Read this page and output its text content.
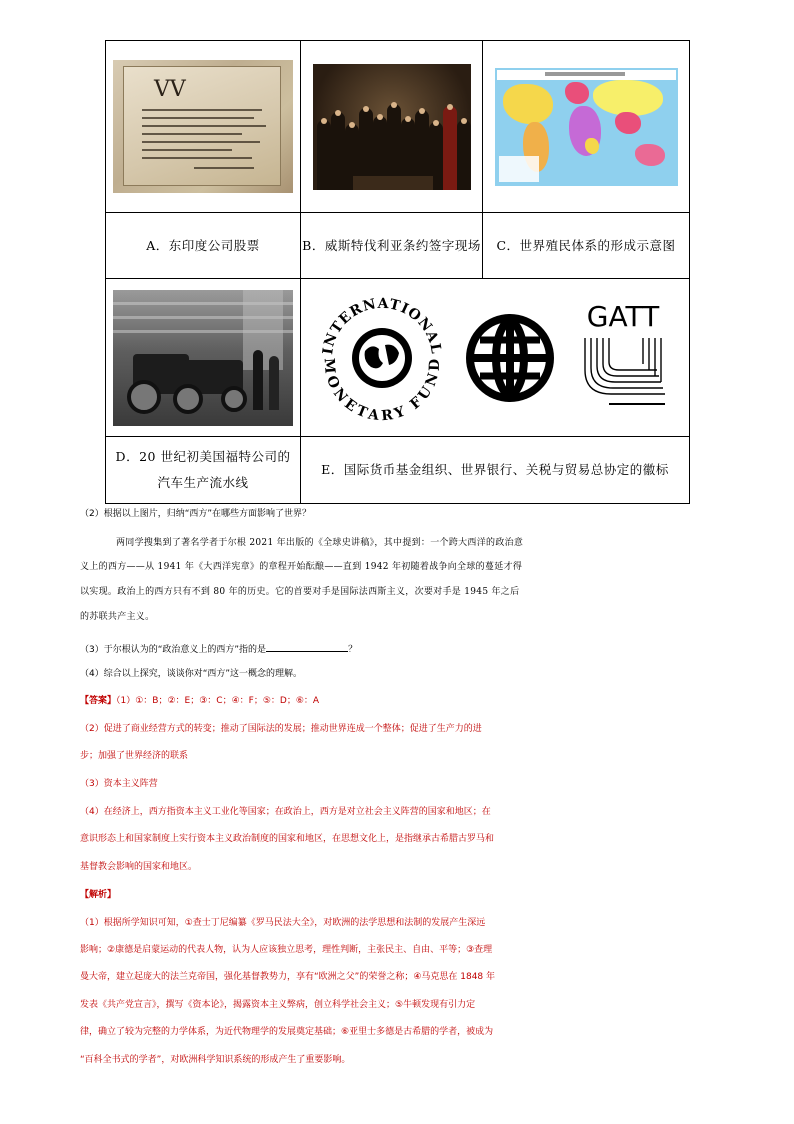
VV		

A．东印度公司股票	B．威斯特伐利亚条约签字现场	C．世界殖民体系的形成示意图

INTERNATIONAL
MONETARY FUND
GATT	

D．20 世纪初美国福特公司的汽车生产流水线	E．国际货币基金组织、世界银行、关税与贸易总协定的徽标	
（2）根据以上图片，归纳“西方”在哪些方面影响了世界？
两同学搜集到了著名学者于尔根 2021 年出版的《全球史讲稿》，其中提到：一个跨大西洋的政治意
义上的西方——从 1941 年《大西洋宪章》的章程开始酝酿——直到 1942 年初随着战争向全球的蔓延才得
以实现。政治上的西方只有不到 80 年的历史。它的首要对手是国际法西斯主义，次要对手是 1945 年之后
的苏联共产主义。
（3）于尔根认为的“政治意义上的西方”指的是	？
（4）综合以上探究，谈谈你对“西方”这一概念的理解。
【答案】（1）①：B；②：E；③：C；④：F；⑤：D；⑥：A
（2）促进了商业经营方式的转变；推动了国际法的发展；推动世界连成一个整体；促进了生产力的进
步；加强了世界经济的联系
（3）资本主义阵营
（4）在经济上，西方指资本主义工业化等国家；在政治上，西方是对立社会主义阵营的国家和地区；在
意识形态上和国家制度上实行资本主义政治制度的国家和地区，在思想文化上，是指继承古希腊古罗马和
基督教会影响的国家和地区。
【解析】
（1）根据所学知识可知，①查士丁尼编纂《罗马民法大全》，对欧洲的法学思想和法制的发展产生深远
影响；②康德是启蒙运动的代表人物，认为人应该独立思考，理性判断，主张民主、自由、平等；③查理
曼大帝，建立起庞大的法兰克帝国，强化基督教势力，享有“欧洲之父”的荣誉之称；④马克思在 1848 年
发表《共产党宣言》，撰写《资本论》，揭露资本主义弊病，创立科学社会主义；⑤牛顿发现有引力定
律，确立了较为完整的力学体系，为近代物理学的发展奠定基础；⑥亚里士多德是古希腊的学者，被成为
“百科全书式的学者”，对欧洲科学知识系统的形成产生了重要影响。
